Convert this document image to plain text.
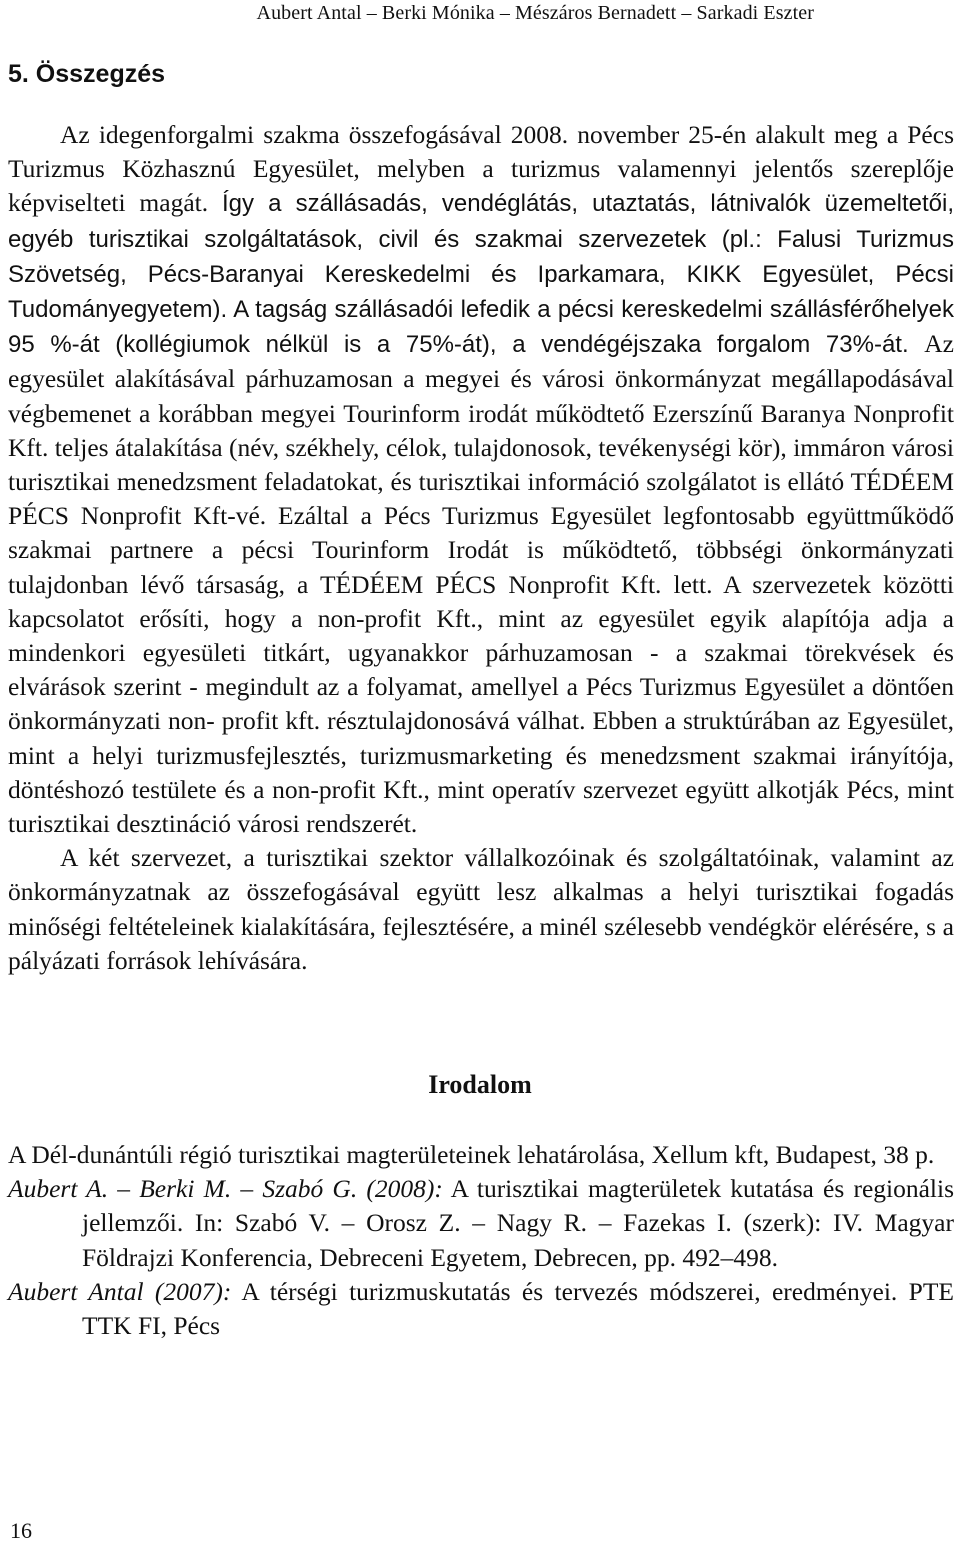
Aubert Antal – Berki Mónika – Mészáros Bernadett – Sarkadi Eszter
5. Összegzés

Az idegenforgalmi szakma összefogásával 2008. november 25-én alakult meg a Pécs Turizmus Közhasznú Egyesület, melyben a turizmus valamennyi jelentős szereplője képviselteti magát. Így a szállásadás, vendéglátás, utaztatás, látnivalók üzemeltetői, egyéb turisztikai szolgáltatások, civil és szakmai szervezetek (pl.: Falusi Turizmus Szövetség, Pécs-Baranyai Kereskedelmi és Iparkamara, KIKK Egyesület, Pécsi Tudományegyetem). A tagság szállásadói lefedik a pécsi kereskedelmi szállásférőhelyek 95 %-át (kollégiumok nélkül is a 75%-át), a vendégéjszaka forgalom 73%-át. Az egyesület alakításával párhuzamosan a megyei és városi önkormányzat megállapodásával végbemenet a korábban megyei Tourinform irodát működtető Ezerszínű Baranya Nonprofit Kft. teljes átalakítása (név, székhely, célok, tulajdonosok, tevékenységi kör), immáron városi turisztikai menedzsment feladatokat, és turisztikai információ szolgálatot is ellátó TÉDÉEM PÉCS Nonprofit Kft-vé. Ezáltal a Pécs Turizmus Egyesület legfontosabb együttműködő szakmai partnere a pécsi Tourinform Irodát is működtető, többségi önkormányzati tulajdonban lévő társaság, a TÉDÉEM PÉCS Nonprofit Kft. lett. A szervezetek közötti kapcsolatot erősíti, hogy a non-profit Kft., mint az egyesület egyik alapítója adja a mindenkori egyesületi titkárt, ugyanakkor párhuzamosan - a szakmai törekvések és elvárások szerint - megindult az a folyamat, amellyel a Pécs Turizmus Egyesület a döntően önkormányzati non- profit kft. résztulajdonosává válhat. Ebben a struktúrában az Egyesület, mint a helyi turizmusfejlesztés, turizmusmarketing és menedzsment szakmai irányítója, döntéshozó testülete és a non-profit Kft., mint operatív szervezet együtt alkotják Pécs, mint turisztikai desztináció városi rendszerét.

A két szervezet, a turisztikai szektor vállalkozóinak és szolgáltatóinak, valamint az önkormányzatnak az összefogásával együtt lesz alkalmas a helyi turisztikai fogadás minőségi feltételeinek kialakítására, fejlesztésére, a minél szélesebb vendégkör elérésére, s a pályázati források lehívására.

Irodalom

A Dél-dunántúli régió turisztikai magterületeinek lehatárolása, Xellum kft, Budapest, 38 p.

Aubert A. – Berki M. – Szabó G. (2008): A turisztikai magterületek kutatása és regionális jellemzői. In: Szabó V. – Orosz Z. – Nagy R. – Fazekas I. (szerk): IV. Magyar Földrajzi Konferencia, Debreceni Egyetem, Debrecen, pp. 492–498.

Aubert Antal (2007): A térségi turizmuskutatás és tervezés módszerei, eredményei. PTE TTK FI, Pécs

16
